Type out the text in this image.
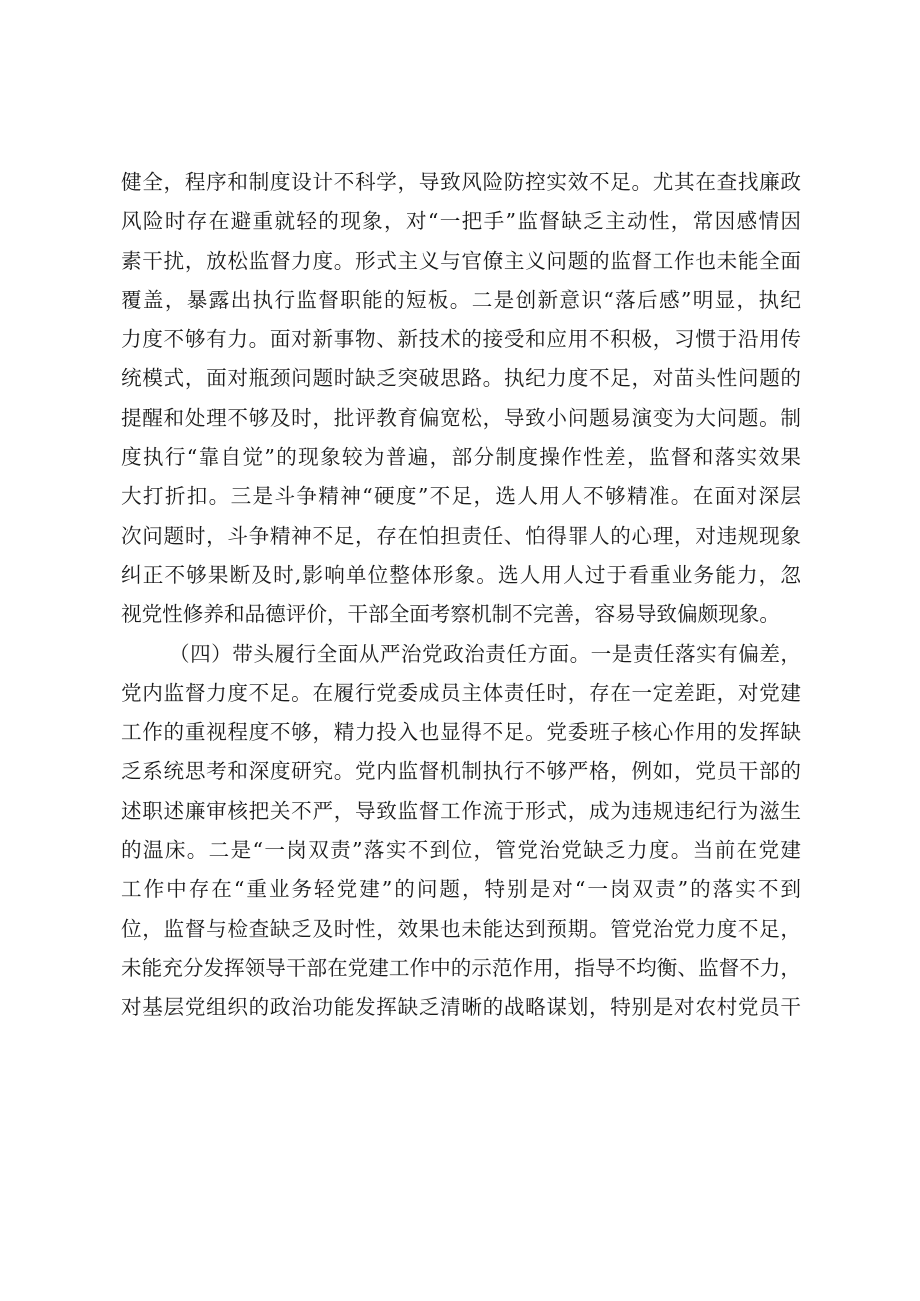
健全，程序和制度设计不科学，导致风险防控实效不足。尤其在查找廉政
风险时存在避重就轻的现象，对“一把手”监督缺乏主动性，常因感情因
素干扰，放松监督力度。形式主义与官僚主义问题的监督工作也未能全面
覆盖，暴露出执行监督职能的短板。二是创新意识“落后感”明显，执纪
力度不够有力。面对新事物、新技术的接受和应用不积极，习惯于沿用传
统模式，面对瓶颈问题时缺乏突破思路。执纪力度不足，对苗头性问题的
提醒和处理不够及时，批评教育偏宽松，导致小问题易演变为大问题。制
度执行“靠自觉”的现象较为普遍，部分制度操作性差，监督和落实效果
大打折扣。三是斗争精神“硬度”不足，选人用人不够精准。在面对深层
次问题时，斗争精神不足，存在怕担责任、怕得罪人的心理，对违规现象
纠正不够果断及时,影响单位整体形象。选人用人过于看重业务能力，忽
视党性修养和品德评价，干部全面考察机制不完善，容易导致偏颇现象。
（四）带头履行全面从严治党政治责任方面。一是责任落实有偏差，
党内监督力度不足。在履行党委成员主体责任时，存在一定差距，对党建
工作的重视程度不够，精力投入也显得不足。党委班子核心作用的发挥缺
乏系统思考和深度研究。党内监督机制执行不够严格，例如，党员干部的
述职述廉审核把关不严，导致监督工作流于形式，成为违规违纪行为滋生
的温床。二是“一岗双责”落实不到位，管党治党缺乏力度。当前在党建
工作中存在“重业务轻党建”的问题，特别是对“一岗双责”的落实不到
位，监督与检查缺乏及时性，效果也未能达到预期。管党治党力度不足，
未能充分发挥领导干部在党建工作中的示范作用，指导不均衡、监督不力，
对基层党组织的政治功能发挥缺乏清晰的战略谋划，特别是对农村党员干
